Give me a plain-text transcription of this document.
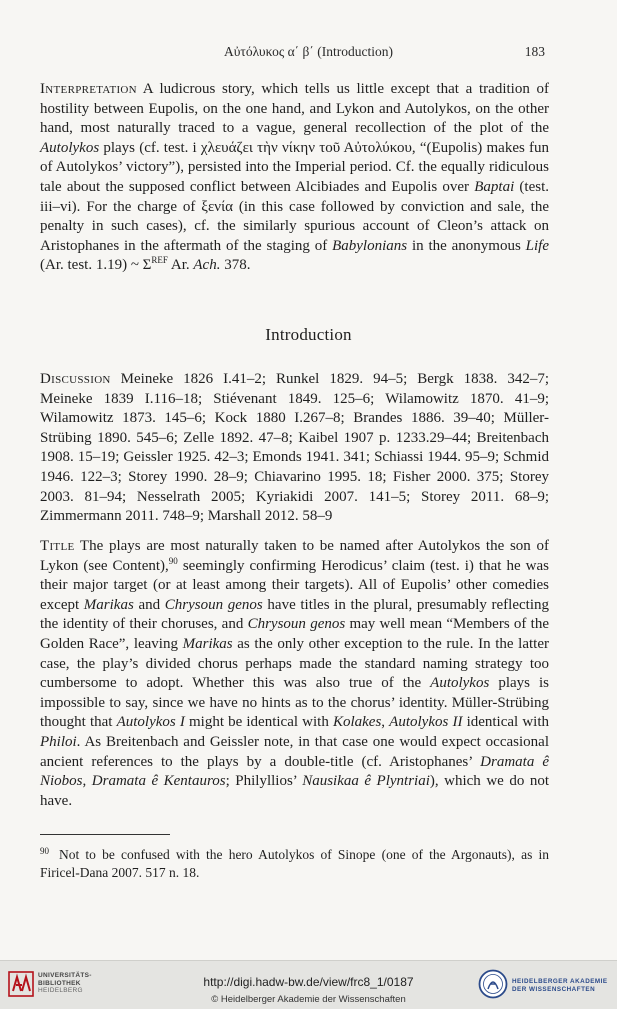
Αὐτόλυκος α΄ β΄ (Introduction)	183

Interpretation A ludicrous story, which tells us little except that a tradition of hostility between Eupolis, on the one hand, and Lykon and Autolykos, on the other hand, most naturally traced to a vague, general recollection of the plot of the Autolykos plays (cf. test. i χλευάζει τὴν νίκην τοῦ Αὐτολύκου, “(Eupolis) makes fun of Autolykos’ victory”), persisted into the Imperial period. Cf. the equally ridiculous tale about the supposed conflict between Alcibiades and Eupolis over Baptai (test. iii–vi). For the charge of ξενία (in this case followed by conviction and sale, the penalty in such cases), cf. the similarly spurious account of Cleon’s attack on Aristophanes in the aftermath of the staging of Babylonians in the anonymous Life (Ar. test. 1.19) ~ $\Sigma^{REF}$ Ar. Ach. 378.

Introduction

Discussion Meineke 1826 I.41–2; Runkel 1829. 94–5; Bergk 1838. 342–7; Meineke 1839 I.116–18; Stiévenant 1849. 125–6; Wilamowitz 1870. 41–9; Wilamowitz 1873. 145–6; Kock 1880 I.267–8; Brandes 1886. 39–40; Müller-Strübing 1890. 545–6; Zelle 1892. 47–8; Kaibel 1907 p. 1233.29–44; Breitenbach 1908. 15–19; Geissler 1925. 42–3; Emonds 1941. 341; Schiassi 1944. 95–9; Schmid 1946. 122–3; Storey 1990. 28–9; Chiavarino 1995. 18; Fisher 2000. 375; Storey 2003. 81–94; Nesselrath 2005; Kyriakidi 2007. 141–5; Storey 2011. 68–9; Zimmermann 2011. 748–9; Marshall 2012. 58–9

Title The plays are most naturally taken to be named after Autolykos the son of Lykon (see Content),$^{90}$ seemingly confirming Herodicus’ claim (test. i) that he was their major target (or at least among their targets). All of Eupolis’ other comedies except Marikas and Chrysoun genos have titles in the plural, presumably reflecting the identity of their choruses, and Chrysoun genos may well mean “Members of the Golden Race”, leaving Marikas as the only other exception to the rule. In the latter case, the play’s divided chorus perhaps made the standard naming strategy too cumbersome to adopt. Whether this was also true of the Autolykos plays is impossible to say, since we have no hints as to the chorus’ identity. Müller-Strübing thought that Autolykos I might be identical with Kolakes, Autolykos II identical with Philoi. As Breitenbach and Geissler note, in that case one would expect occasional ancient references to the plays by a double-title (cf. Aristophanes’ Dramata ê Niobos, Dramata ê Kentauros; Philyllios’ Nausikaa ê Plyntriai), which we do not have.

$^{90}$ Not to be confused with the hero Autolykos of Sinope (one of the Argonauts), as in Firicel-Dana 2007. 517 n. 18.
UNIVERSITÄTS-
BIBLIOTHEK
HEIDELBERG
http://digi.hadw-bw.de/view/frc8_1/0187
© Heidelberger Akademie der Wissenschaften
HEIDELBERGER AKADEMIE
DER WISSENSCHAFTEN
